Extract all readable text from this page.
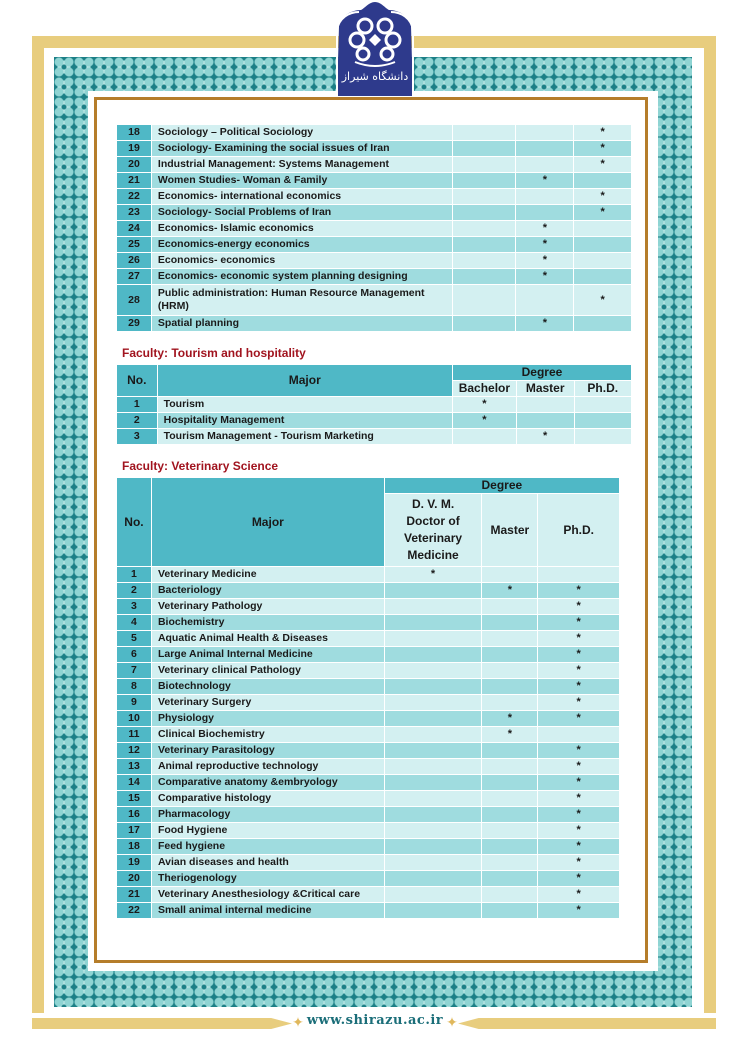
دانشگاه شیراز
18	Sociology – Political Sociology			*
19	Sociology- Examining the social issues of Iran			*
20	Industrial Management: Systems Management			*
21	Women Studies- Woman & Family		*	
22	Economics- international economics			*
23	Sociology- Social Problems of Iran			*
24	Economics- Islamic economics		*	
25	Economics-energy economics		*	
26	Economics- economics		*	
27	Economics- economic system planning designing		*	
28	Public administration: Human Resource Management (HRM)			*
29	Spatial planning		*	
Faculty: Tourism and hospitality
No.	Major	Degree		
		Bachelor	Master	Ph.D.
1	Tourism	*		
2	Hospitality Management	*		
3	Tourism Management - Tourism Marketing		*	
Faculty: Veterinary Science
No.	Major	Degree		

		D. V. M.
Doctor of
Veterinary
Medicine	Master	Ph.D.
1	Veterinary Medicine	*		
2	Bacteriology		*	*
3	Veterinary Pathology			*
4	Biochemistry			*
5	Aquatic Animal Health & Diseases			*
6	Large Animal Internal Medicine			*
7	Veterinary clinical Pathology			*
8	Biotechnology			*
9	Veterinary Surgery			*
10	Physiology		*	*
11	Clinical Biochemistry		*	
12	Veterinary Parasitology			*
13	Animal reproductive technology			*
14	Comparative anatomy &embryology			*
15	Comparative histology			*
16	Pharmacology			*
17	Food Hygiene			*
18	Feed hygiene			*
19	Avian diseases and health			*
20	Theriogenology			*
21	Veterinary Anesthesiology &Critical care			*
22	Small animal internal medicine			*
✦	✦
www.shirazu.ac.ir
